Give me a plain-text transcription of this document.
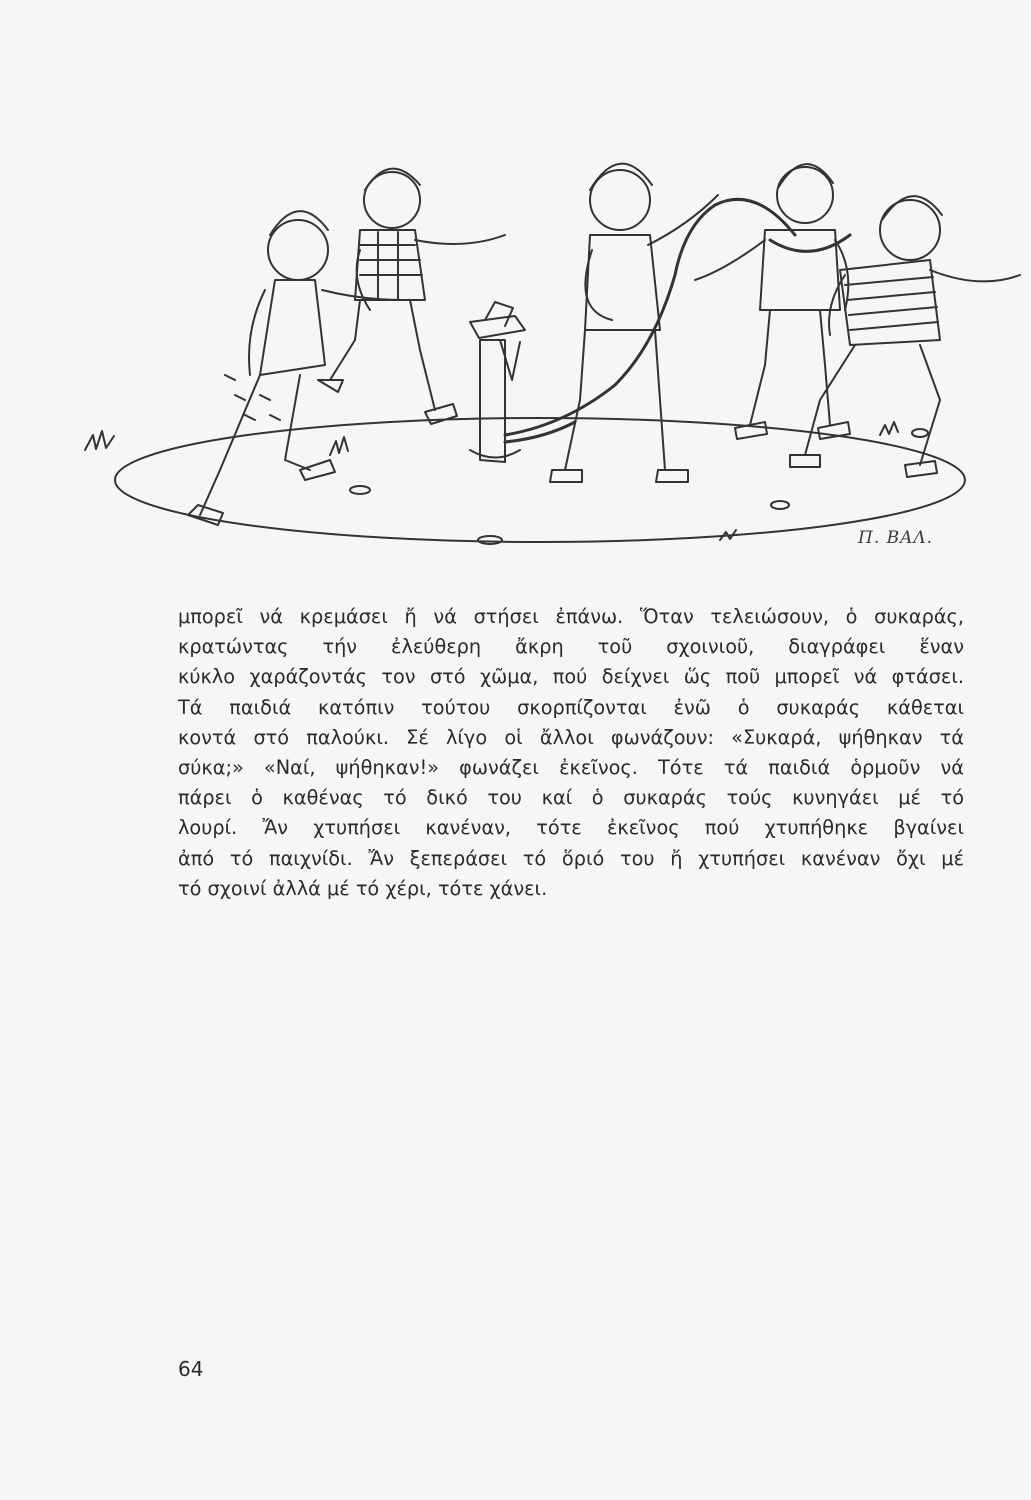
Π. ΒΑΛ.

μπορεῖ νά κρεμάσει ἤ νά στήσει ἐπάνω. Ὅταν τελειώσουν, ὁ συκαράς,
κρατώντας τήν ἐλεύθερη ἄκρη τοῦ σχοινιοῦ, διαγράφει ἕναν
κύκλο χαράζοντάς τον στό χῶμα, πού δείχνει ὥς ποῦ μπορεῖ νά φτάσει.
Τά παιδιά κατόπιν τούτου σκορπίζονται ἐνῶ ὁ συκαράς κάθεται
κοντά στό παλούκι. Σέ λίγο οἱ ἄλλοι φωνάζουν: «Συκαρά, ψήθηκαν τά
σύκα;» «Ναί, ψήθηκαν!» φωνάζει ἐκεῖνος. Τότε τά παιδιά ὁρμοῦν νά
πάρει ὁ καθένας τό δικό του καί ὁ συκαράς τούς κυνηγάει μέ τό
λουρί. Ἄν χτυπήσει κανέναν, τότε ἐκεῖνος πού χτυπήθηκε βγαίνει
ἀπό τό παιχνίδι. Ἄν ξεπεράσει τό ὅριό του ἤ χτυπήσει κανέναν ὄχι μέ
τό σχοινί ἀλλά μέ τό χέρι, τότε χάνει.

64
